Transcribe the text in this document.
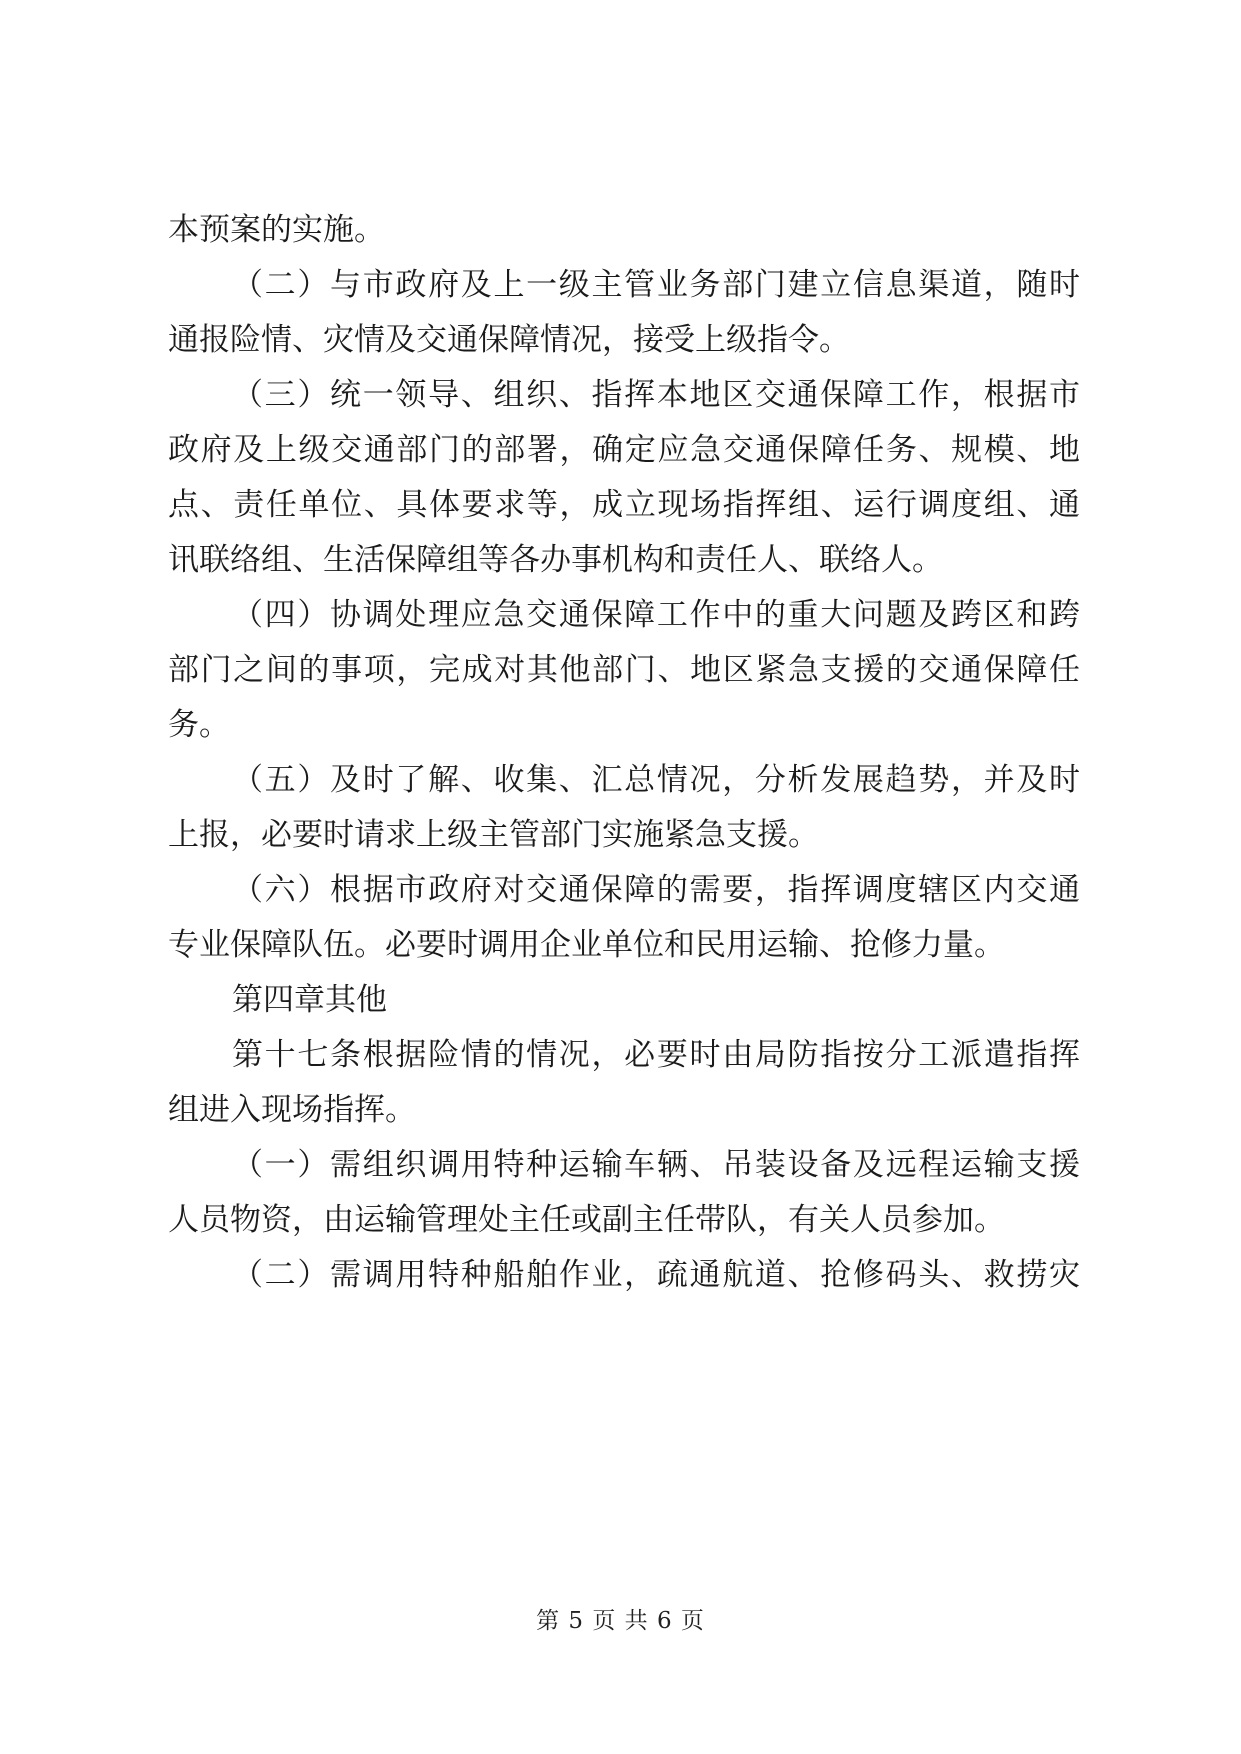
本预案的实施。
（二）与市政府及上一级主管业务部门建立信息渠道，随时
通报险情、灾情及交通保障情况，接受上级指令。
（三）统一领导、组织、指挥本地区交通保障工作，根据市
政府及上级交通部门的部署，确定应急交通保障任务、规模、地
点、责任单位、具体要求等，成立现场指挥组、运行调度组、通
讯联络组、生活保障组等各办事机构和责任人、联络人。
（四）协调处理应急交通保障工作中的重大问题及跨区和跨
部门之间的事项，完成对其他部门、地区紧急支援的交通保障任
务。
（五）及时了解、收集、汇总情况，分析发展趋势，并及时
上报，必要时请求上级主管部门实施紧急支援。
（六）根据市政府对交通保障的需要，指挥调度辖区内交通
专业保障队伍。必要时调用企业单位和民用运输、抢修力量。
第四章其他
第十七条根据险情的情况，必要时由局防指按分工派遣指挥
组进入现场指挥。
（一）需组织调用特种运输车辆、吊装设备及远程运输支援
人员物资，由运输管理处主任或副主任带队，有关人员参加。
（二）需调用特种船舶作业，疏通航道、抢修码头、救捞灾
第 5 页 共 6 页
